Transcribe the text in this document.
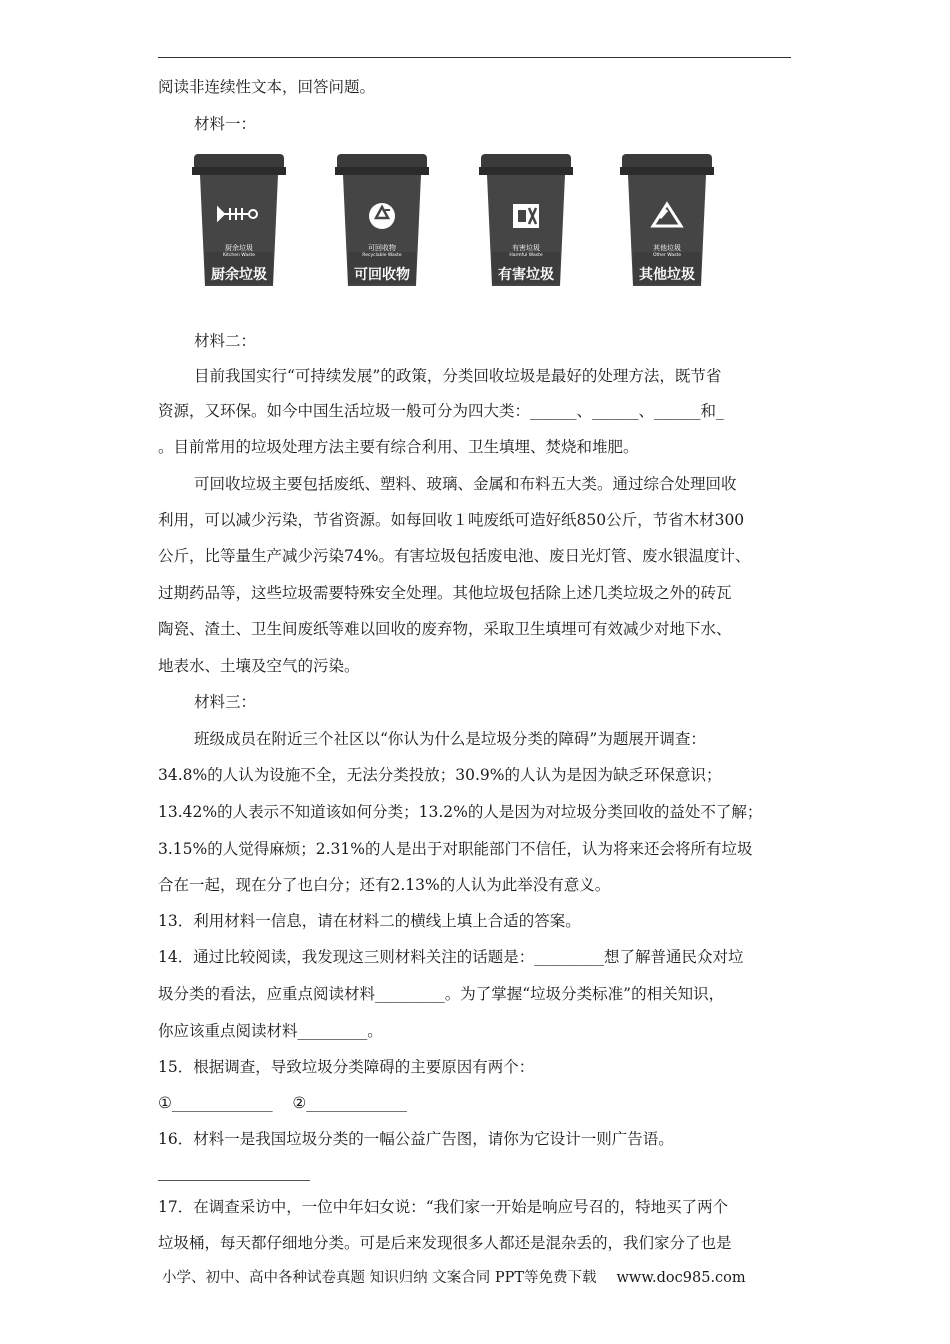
阅读非连续性文本，回答问题。
材料一：
厨余垃圾
Kitchen Waste
厨余垃圾
可回收物
Recyclable Waste
可回收物
有害垃圾
Harmful Waste
有害垃圾
其他垃圾
Other Waste
其他垃圾
材料二：
目前我国实行“可持续发展”的政策，分类回收垃圾是最好的处理方法，既节省
资源，又环保。如今中国生活垃圾一般可分为四大类：______、______、______和_
。目前常用的垃圾处理方法主要有综合利用、卫生填埋、焚烧和堆肥。
可回收垃圾主要包括废纸、塑料、玻璃、金属和布料五大类。通过综合处理回收
利用，可以减少污染，节省资源。如每回收１吨废纸可造好纸850公斤，节省木材300
公斤，比等量生产减少污染74%。有害垃圾包括废电池、废日光灯管、废水银温度计、
过期药品等，这些垃圾需要特殊安全处理。其他垃圾包括除上述几类垃圾之外的砖瓦
陶瓷、渣土、卫生间废纸等难以回收的废弃物，采取卫生填埋可有效减少对地下水、
地表水、土壤及空气的污染。
材料三：
班级成员在附近三个社区以“你认为什么是垃圾分类的障碍”为题展开调查：
34.8%的人认为设施不全，无法分类投放；30.9%的人认为是因为缺乏环保意识；
13.42%的人表示不知道该如何分类；13.2%的人是因为对垃圾分类回收的益处不了解；
3.15%的人觉得麻烦；2.31%的人是出于对职能部门不信任，认为将来还会将所有垃圾
合在一起，现在分了也白分；还有2.13%的人认为此举没有意义。
13．利用材料一信息，请在材料二的横线上填上合适的答案。
14．通过比较阅读，我发现这三则材料关注的话题是：_________想了解普通民众对垃
圾分类的看法，应重点阅读材料_________。为了掌握“垃圾分类标准”的相关知识，
你应该重点阅读材料_________。
15．根据调查，导致垃圾分类障碍的主要原因有两个：
①_____________    ②_____________
16．材料一是我国垃圾分类的一幅公益广告图，请你为它设计一则广告语。
17．在调查采访中，一位中年妇女说：“我们家一开始是响应号召的，特地买了两个
垃圾桶，每天都仔细地分类。可是后来发现很多人都还是混杂丢的，我们家分了也是
小学、初中、高中各种试卷真题 知识归纳 文案合同 PPT等免费下载 www.doc985.com
